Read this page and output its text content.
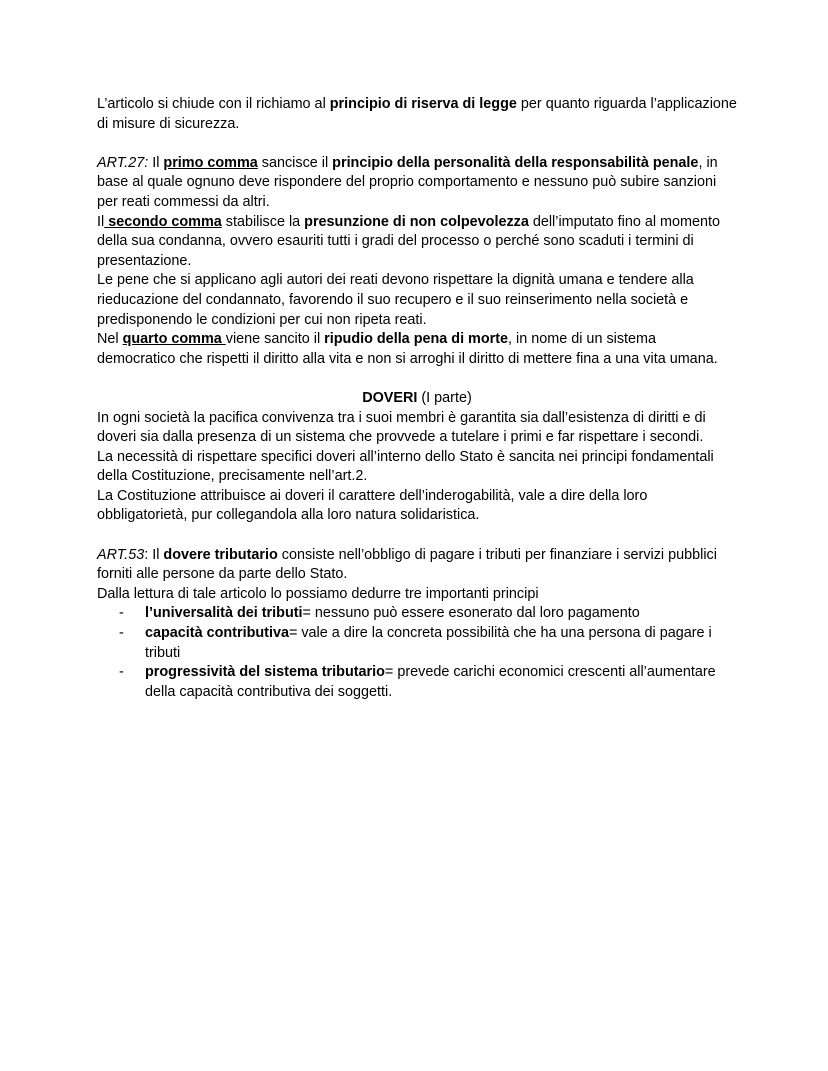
L’articolo si chiude con il richiamo al principio di riserva di legge per quanto riguarda l’applicazione di misure di sicurezza.

ART.27: Il primo comma sancisce il principio della personalità della responsabilità penale, in base al quale ognuno deve rispondere del proprio comportamento e nessuno può subire sanzioni per reati commessi da altri.

Il secondo comma stabilisce la presunzione di non colpevolezza dell’imputato fino al momento della sua condanna, ovvero esauriti tutti i gradi del processo o perché sono scaduti i termini di presentazione.

Le pene che si applicano agli autori dei reati devono rispettare la dignità umana e tendere alla rieducazione del condannato, favorendo il suo recupero e il suo reinserimento nella società e predisponendo le condizioni per cui non ripeta reati.

Nel quarto comma viene sancito il ripudio della pena di morte, in nome di un sistema democratico che rispetti il diritto alla vita e non si arroghi il diritto di mettere fina a una vita umana.

DOVERI (I parte)

In ogni società la pacifica convivenza tra i suoi membri è garantita sia dall’esistenza di diritti e di doveri sia dalla presenza di un sistema che provvede a tutelare i primi e far rispettare i secondi.

La necessità di rispettare specifici doveri all’interno dello Stato è sancita nei principi fondamentali della Costituzione, precisamente nell’art.2.

La Costituzione attribuisce ai doveri il carattere dell’inderogabilità, vale a dire della loro obbligatorietà, pur collegandola alla loro natura solidaristica.

ART.53: Il dovere tributario consiste nell’obbligo di pagare i tributi per finanziare i servizi pubblici forniti alle persone da parte dello Stato.

Dalla lettura di tale articolo lo possiamo dedurre tre importanti principi

- l’universalità dei tributi= nessuno può essere esonerato dal loro pagamento
- capacità contributiva= vale a dire la concreta possibilità che ha una persona di pagare i tributi
- progressività del sistema tributario= prevede carichi economici crescenti all’aumentare della capacità contributiva dei soggetti.
